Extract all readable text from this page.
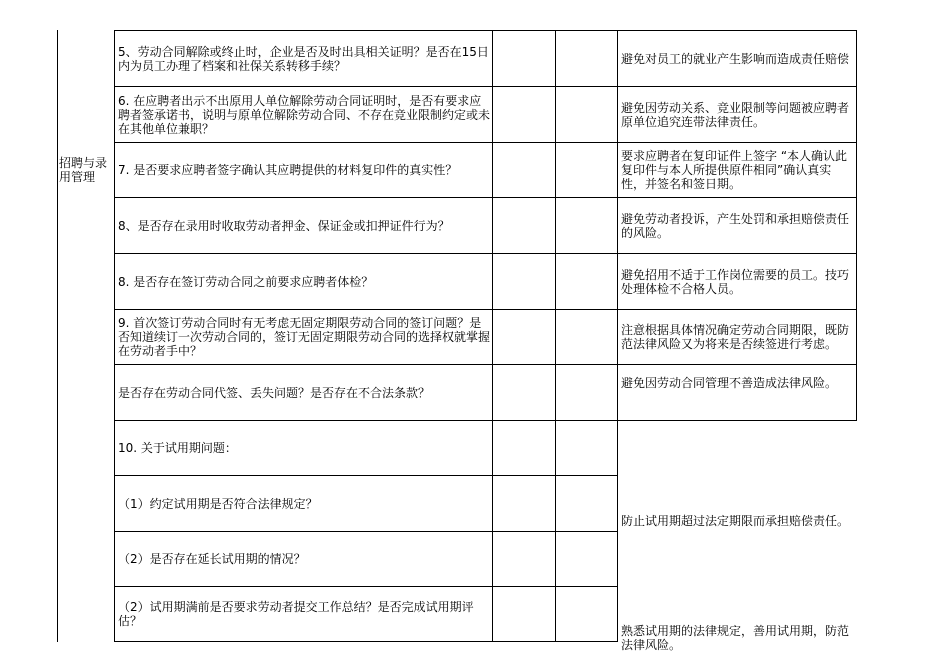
招聘与录用管理
5、劳动合同解除或终止时，企业是否及时出具相关证明？是否在15日内为员工办理了档案和社保关系转移手续？
6. 在应聘者出示不出原用人单位解除劳动合同证明时，是否有要求应聘者签承诺书，说明与原单位解除劳动合同、不存在竞业限制约定或未在其他单位兼职？
7. 是否要求应聘者签字确认其应聘提供的材料复印件的真实性？
8、是否存在录用时收取劳动者押金、保证金或扣押证件行为？
8. 是否存在签订劳动合同之前要求应聘者体检？
9. 首次签订劳动合同时有无考虑无固定期限劳动合同的签订问题？是否知道续订一次劳动合同的，签订无固定期限劳动合同的选择权就掌握在劳动者手中？
是否存在劳动合同代签、丢失问题？是否存在不合法条款？
10. 关于试用期问题：
（1）约定试用期是否符合法律规定？
（2）是否存在延长试用期的情况？
（2）试用期满前是否要求劳动者提交工作总结？是否完成试用期评估？
避免对员工的就业产生影响而造成责任赔偿
避免因劳动关系、竞业限制等问题被应聘者原单位追究连带法律责任。
要求应聘者在复印证件上签字 “本人确认此复印件与本人所提供原件相同”确认真实性，并签名和签日期。
避免劳动者投诉，产生处罚和承担赔偿责任的风险。
避免招用不适于工作岗位需要的员工。技巧处理体检不合格人员。
注意根据具体情况确定劳动合同期限，既防范法律风险又为将来是否续签进行考虑。
避免因劳动合同管理不善造成法律风险。
防止试用期超过法定期限而承担赔偿责任。
熟悉试用期的法律规定，善用试用期，防范法律风险。
